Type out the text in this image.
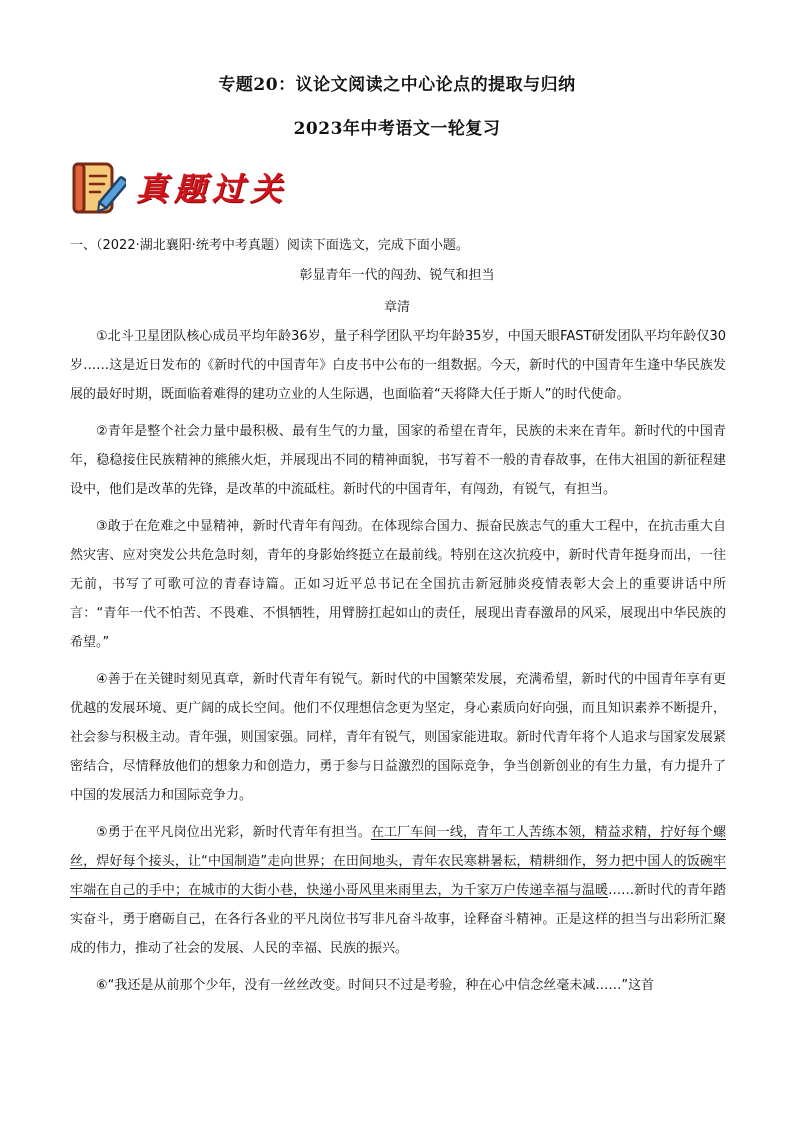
专题20：议论文阅读之中心论点的提取与归纳
2023年中考语文一轮复习
真题过关
一、（2022·湖北襄阳·统考中考真题）阅读下面选文，完成下面小题。
彰显青年一代的闯劲、锐气和担当
章清

①北斗卫星团队核心成员平均年龄36岁，量子科学团队平均年龄35岁，中国天眼FAST研发团队平均年龄仅30岁……这是近日发布的《新时代的中国青年》白皮书中公布的一组数据。今天，新时代的中国青年生逢中华民族发展的最好时期，既面临着难得的建功立业的人生际遇，也面临着“天将降大任于斯人”的时代使命。

②青年是整个社会力量中最积极、最有生气的力量，国家的希望在青年，民族的未来在青年。新时代的中国青年，稳稳接住民族精神的熊熊火炬，并展现出不同的精神面貌，书写着不一般的青春故事，在伟大祖国的新征程建设中，他们是改革的先锋，是改革的中流砥柱。新时代的中国青年，有闯劲，有锐气，有担当。

③敢于在危难之中显精神，新时代青年有闯劲。在体现综合国力、振奋民族志气的重大工程中，在抗击重大自然灾害、应对突发公共危急时刻，青年的身影始终挺立在最前线。特别在这次抗疫中，新时代青年挺身而出，一往无前，书写了可歌可泣的青春诗篇。正如习近平总书记在全国抗击新冠肺炎疫情表彰大会上的重要讲话中所言：“青年一代不怕苦、不畏难、不惧牺牲，用臂膀扛起如山的责任，展现出青春激昂的风采，展现出中华民族的希望。”

④善于在关键时刻见真章，新时代青年有锐气。新时代的中国繁荣发展，充满希望，新时代的中国青年享有更优越的发展环境、更广阔的成长空间。他们不仅理想信念更为坚定，身心素质向好向强，而且知识素养不断提升，社会参与积极主动。青年强，则国家强。同样，青年有锐气，则国家能进取。新时代青年将个人追求与国家发展紧密结合，尽情释放他们的想象力和创造力，勇于参与日益激烈的国际竞争，争当创新创业的有生力量，有力提升了中国的发展活力和国际竞争力。

⑤勇于在平凡岗位出光彩，新时代青年有担当。在工厂车间一线，青年工人苦练本领，精益求精，拧好每个螺丝，焊好每个接头，让“中国制造”走向世界；在田间地头，青年农民寒耕暑耘，精耕细作，努力把中国人的饭碗牢牢端在自己的手中；在城市的大街小巷，快递小哥风里来雨里去，为千家万户传递幸福与温暖……新时代的青年踏实奋斗，勇于磨砺自己，在各行各业的平凡岗位书写非凡奋斗故事，诠释奋斗精神。正是这样的担当与出彩所汇聚成的伟力，推动了社会的发展、人民的幸福、民族的振兴。

⑥“我还是从前那个少年，没有一丝丝改变。时间只不过是考验，种在心中信念丝毫未减……”这首
